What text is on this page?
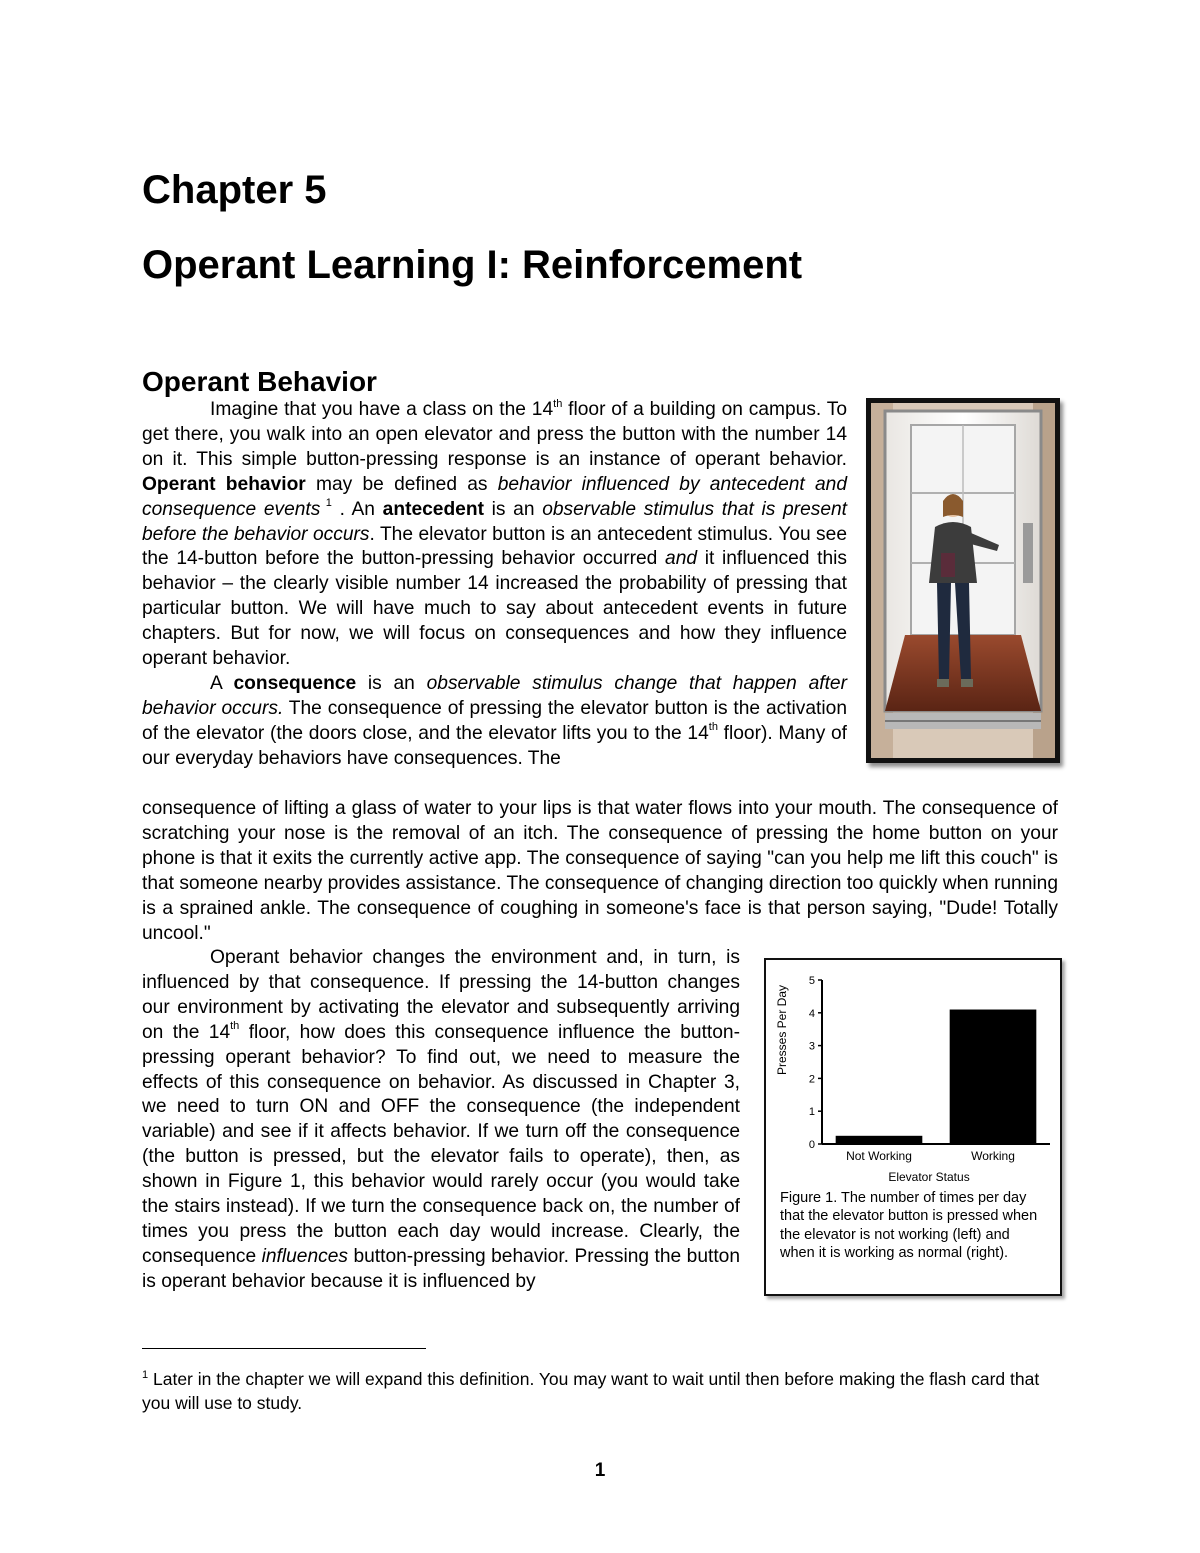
Chapter 5
Operant Learning I: Reinforcement
Operant Behavior

Imagine that you have a class on the 14th floor of a building on campus. To get there, you walk into an open elevator and press the button with the number 14 on it. This simple button-pressing response is an instance of operant behavior. Operant behavior may be defined as behavior influenced by antecedent and consequence events $^1$ . An antecedent is an observable stimulus that is present before the behavior occurs. The elevator button is an antecedent stimulus. You see the 14-button before the button-pressing behavior occurred and it influenced this behavior – the clearly visible number 14 increased the probability of pressing that particular button. We will have much to say about antecedent events in future chapters. But for now, we will focus on consequences and how they influence operant behavior.

A consequence is an observable stimulus change that happen after behavior occurs. The consequence of pressing the elevator button is the activation of the elevator (the doors close, and the elevator lifts you to the 14th floor). Many of our everyday behaviors have consequences. The

consequence of lifting a glass of water to your lips is that water flows into your mouth. The consequence of scratching your nose is the removal of an itch. The consequence of pressing the home button on your phone is that it exits the currently active app. The consequence of saying "can you help me lift this couch" is that someone nearby provides assistance. The consequence of changing direction too quickly when running is a sprained ankle. The consequence of coughing in someone's face is that person saying, "Dude! Totally uncool."

Operant behavior changes the environment and, in turn, is influenced by that consequence. If pressing the 14-button changes our environment by activating the elevator and subsequently arriving on the 14th floor, how does this consequence influence the button-pressing operant behavior? To find out, we need to measure the effects of this consequence on behavior. As discussed in Chapter 3, we need to turn ON and OFF the consequence (the independent variable) and see if it affects behavior. If we turn off the consequence (the button is pressed, but the elevator fails to operate), then, as shown in Figure 1, this behavior would rarely occur (you would take the stairs instead). If we turn the consequence back on, the number of times you press the button each day would increase. Clearly, the consequence influences button-pressing behavior. Pressing the button is operant behavior because it is influenced by

0
1
2
3
4
5
Not Working	Working
Presses Per Day
Elevator Status

Figure 1. The number of times per day that the elevator button is pressed when the elevator is not working (left) and when it is working as normal (right).

$^1$ Later in the chapter we will expand this definition. You may want to wait until then before making the flash card that you will use to study.

1
